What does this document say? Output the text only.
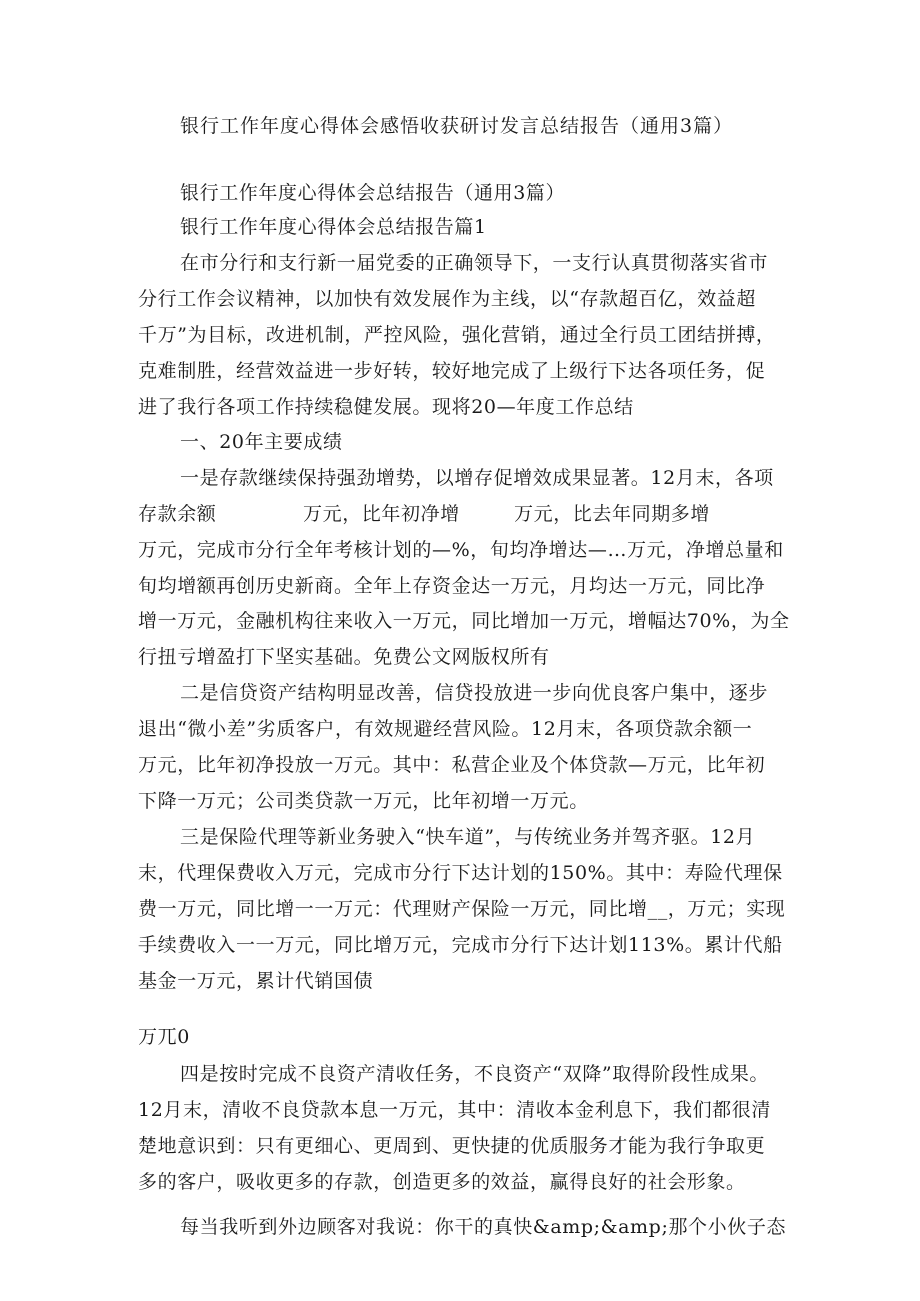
银行工作年度心得体会感悟收获研讨发言总结报告（通用3篇）
银行工作年度心得体会总结报告（通用3篇）
银行工作年度心得体会总结报告篇1
在市分行和支行新一届党委的正确领导下，一支行认真贯彻落实省市
分行工作会议精神，以加快有效发展作为主线，以“存款超百亿，效益超
千万”为目标，改进机制，严控风险，强化营销，通过全行员工团结拼搏，
克难制胜，经营效益进一步好转，较好地完成了上级行下达各项任务，促
进了我行各项工作持续稳健发展。现将20—年度工作总结
一、20年主要成绩
一是存款继续保持强劲增势，以增存促增效成果显著。12月末，各项
存款余额	万元，比年初净增	万元，比去年同期多增
万元，完成市分行全年考核计划的—%，旬均净增达—…万元，净增总量和
旬均增额再创历史新商。全年上存资金达一万元，月均达一万元，同比净
增一万元，金融机构往来收入一万元，同比增加一万元，增幅达70%，为全
行扭亏增盈打下坚实基础。免费公文网版权所有
二是信贷资产结构明显改善，信贷投放进一步向优良客户集中，逐步
退出“微小差”劣质客户，有效规避经营风险。12月末，各项贷款余额一
万元，比年初净投放一万元。其中：私营企业及个体贷款—万元，比年初
下降一万元；公司类贷款一万元，比年初增一万元。
三是保险代理等新业务驶入“快车道”，与传统业务并驾齐驱。12月
末，代理保费收入万元，完成市分行下达计划的150%。其中：寿险代理保
费一万元，同比增一一万元：代理财产保险一万元，同比增__，万元；实现
手续费收入一一万元，同比增万元，完成市分行下达计划113%。累计代船
基金一万元，累计代销国债
万兀0
四是按时完成不良资产清收任务，不良资产“双降”取得阶段性成果。
12月末，清收不良贷款本息一万元，其中：清收本金利息下，我们都很清
楚地意识到：只有更细心、更周到、更快捷的优质服务才能为我行争取更
多的客户，吸收更多的存款，创造更多的效益，赢得良好的社会形象。
每当我听到外边顾客对我说：你干的真快&amp;&amp;那个小伙子态
